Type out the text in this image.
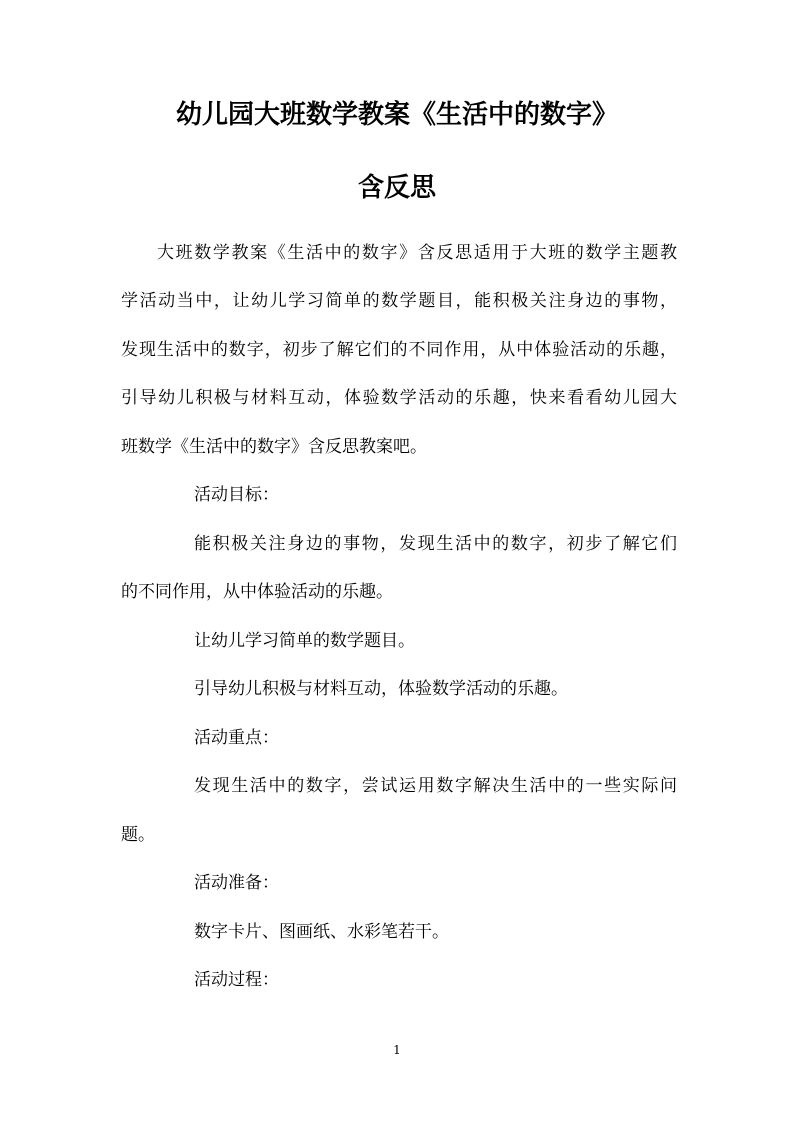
幼儿园大班数学教案《生活中的数字》
含反思
大班数学教案《生活中的数字》含反思适用于大班的数学主题教
学活动当中，让幼儿学习简单的数学题目，能积极关注身边的事物，
发现生活中的数字，初步了解它们的不同作用，从中体验活动的乐趣，
引导幼儿积极与材料互动，体验数学活动的乐趣，快来看看幼儿园大
班数学《生活中的数字》含反思教案吧。
活动目标：
能积极关注身边的事物，发现生活中的数字，初步了解它们
的不同作用，从中体验活动的乐趣。
让幼儿学习简单的数学题目。
引导幼儿积极与材料互动，体验数学活动的乐趣。
活动重点：
发现生活中的数字，尝试运用数字解决生活中的一些实际问
题。
活动准备：
数字卡片、图画纸、水彩笔若干。
活动过程：
1
